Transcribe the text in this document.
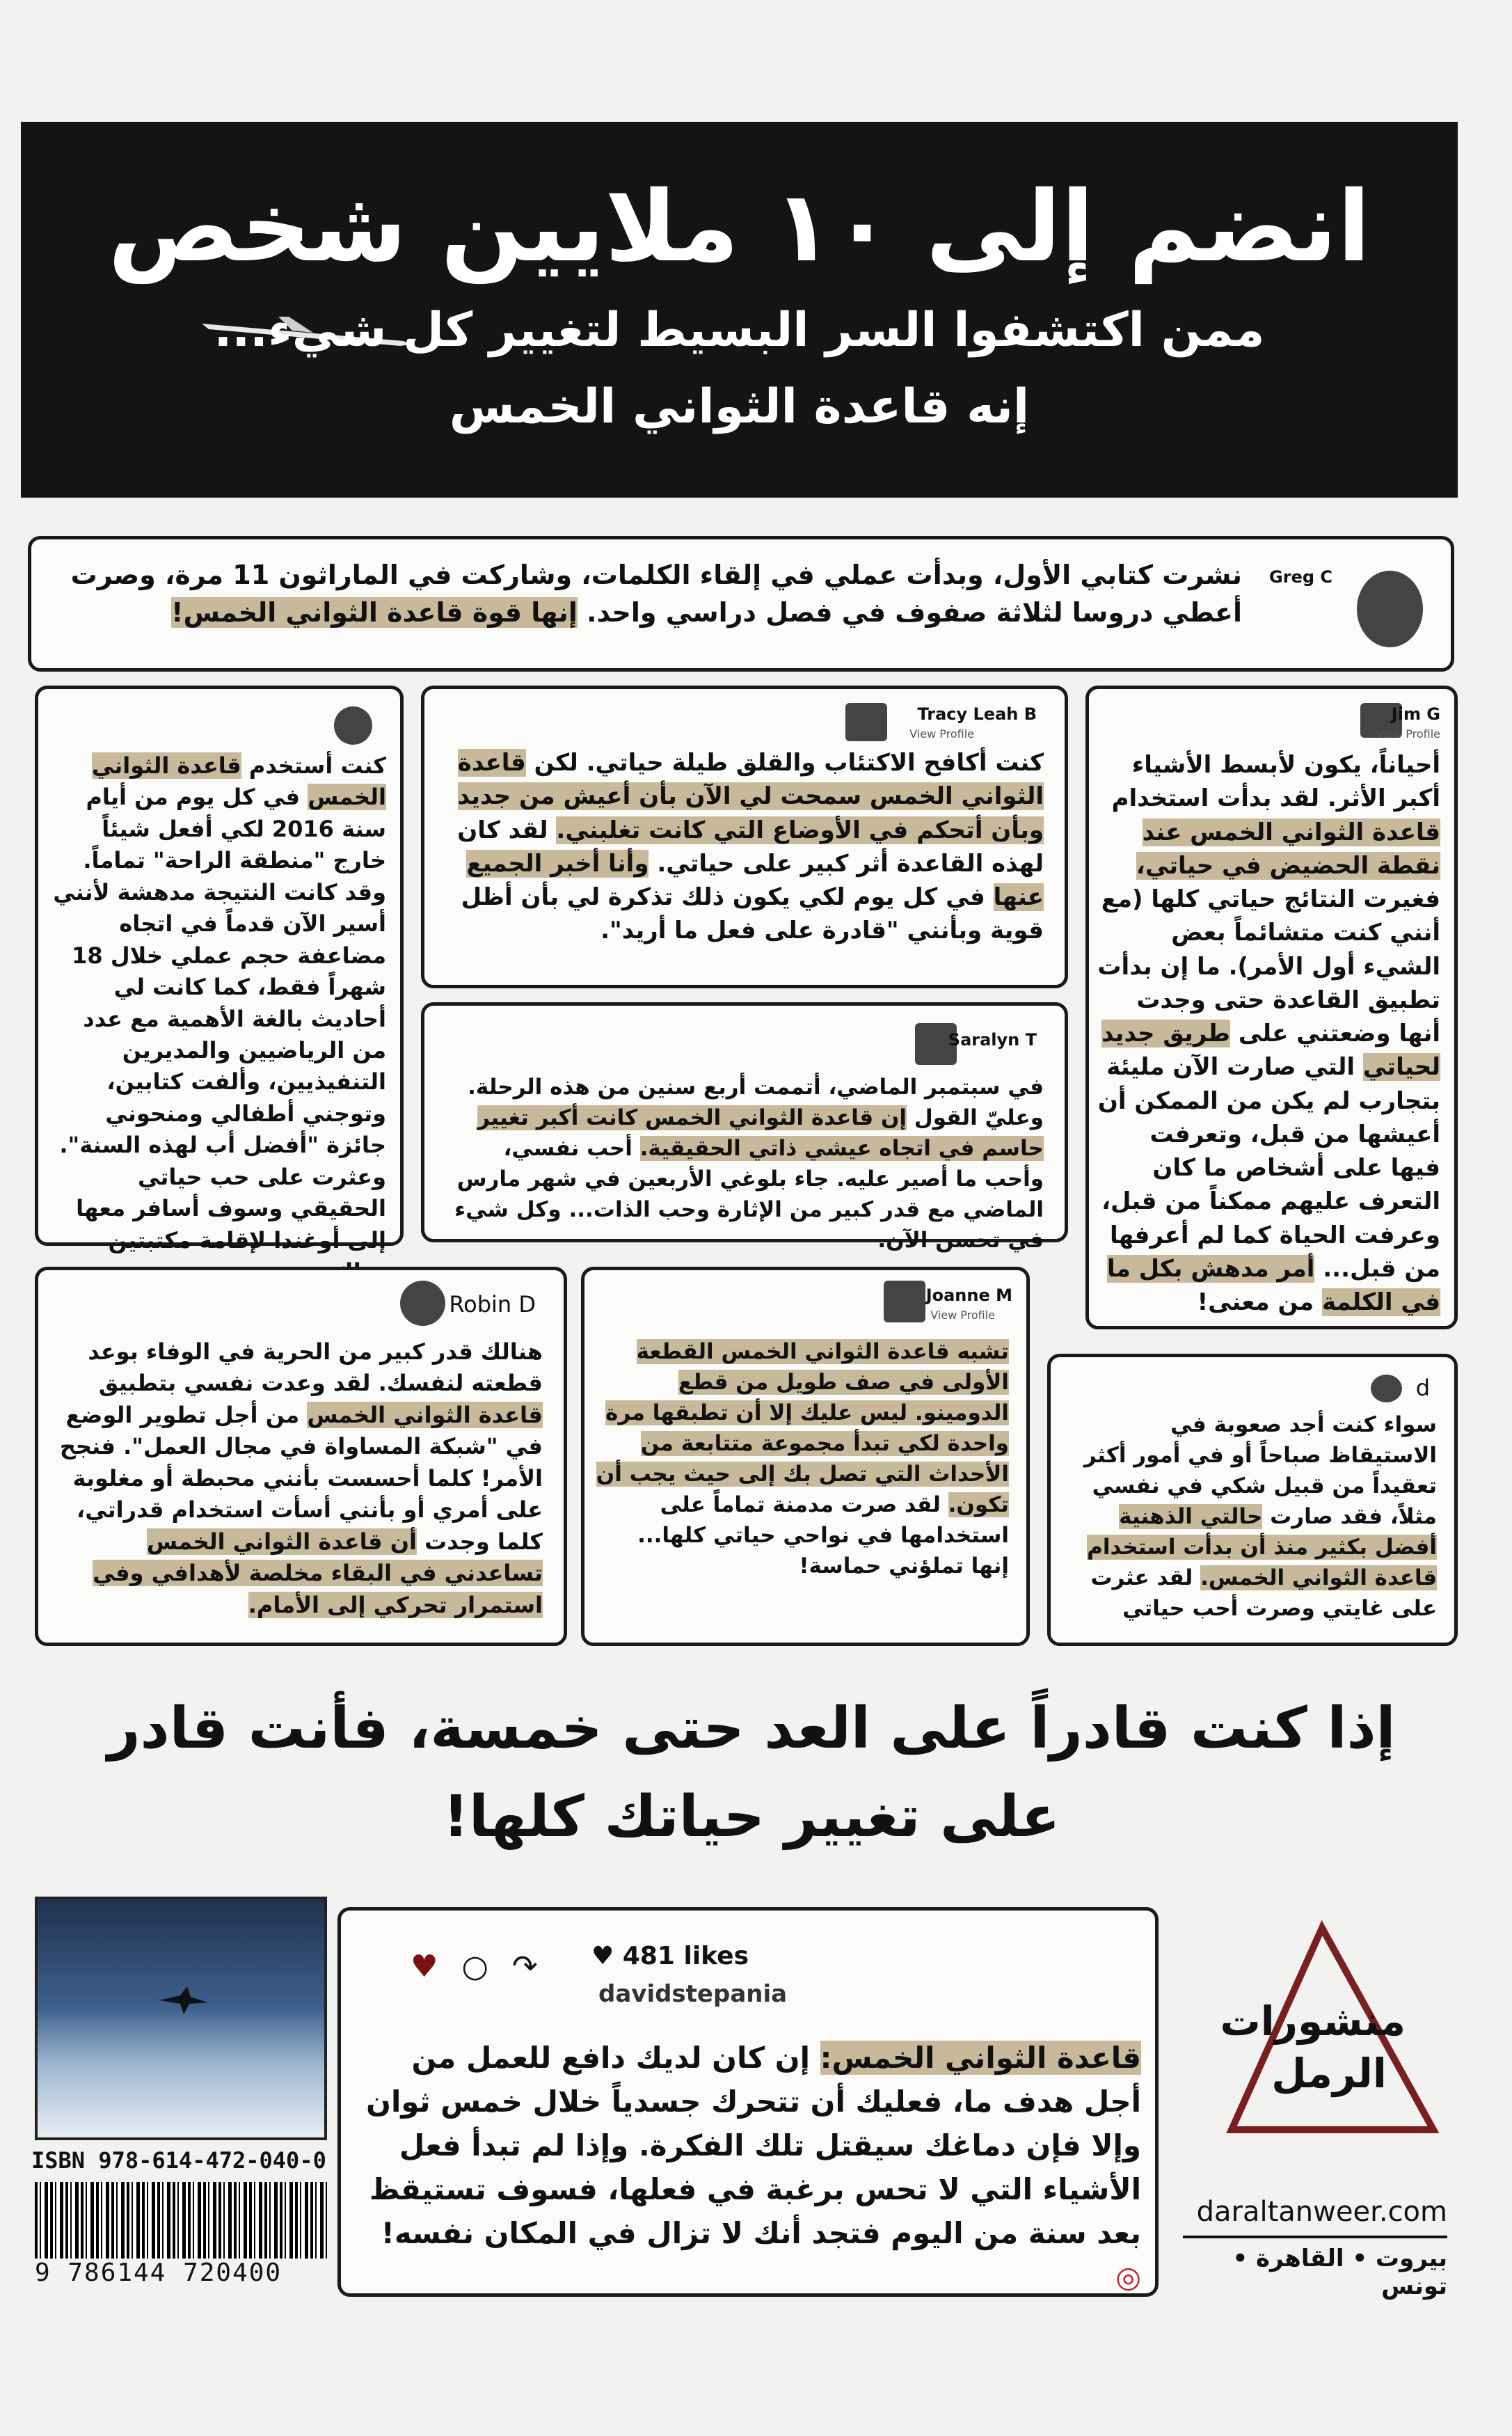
انضم إلى ١٠ ملايين شخص
ممن اكتشفوا السر البسيط لتغيير كل شيء...
إنه قاعدة الثواني الخمس
Greg C
نشرت كتابي الأول، وبدأت عملي في إلقاء الكلمات، وشاركت في الماراثون 11 مرة، وصرت أعطي دروسا لثلاثة صفوف في فصل دراسي واحد. إنها قوة قاعدة الثواني الخمس!
Jim G
View Profile
أحياناً، يكون لأبسط الأشياء أكبر الأثر. لقد بدأت استخدام قاعدة الثواني الخمس عند نقطة الحضيض في حياتي، فغيرت النتائج حياتي كلها (مع أنني كنت متشائماً بعض الشيء أول الأمر). ما إن بدأت تطبيق القاعدة حتى وجدت أنها وضعتني على طريق جديد لحياتي التي صارت الآن مليئة بتجارب لم يكن من الممكن أن أعيشها من قبل، وتعرفت فيها على أشخاص ما كان التعرف عليهم ممكناً من قبل، وعرفت الحياة كما لم أعرفها من قبل... أمر مدهش بكل ما في الكلمة من معنى!
Tracy Leah B
View Profile
كنت أكافح الاكتئاب والقلق طيلة حياتي. لكن قاعدة الثواني الخمس سمحت لي الآن بأن أعيش من جديد وبأن أتحكم في الأوضاع التي كانت تغلبني. لقد كان لهذه القاعدة أثر كبير على حياتي. وأنا أخبر الجميع عنها في كل يوم لكي يكون ذلك تذكرة لي بأن أظل قوية وبأنني "قادرة على فعل ما أريد".
كنت أستخدم قاعدة الثواني الخمس في كل يوم من أيام سنة 2016 لكي أفعل شيئاً خارج "منطقة الراحة" تماماً. وقد كانت النتيجة مدهشة لأنني أسير الآن قدماً في اتجاه مضاعفة حجم عملي خلال 18 شهراً فقط، كما كانت لي أحاديث بالغة الأهمية مع عدد من الرياضيين والمديرين التنفيذيين، وألفت كتابين، وتوجني أطفالي ومنحوني جائزة "أفضل أب لهذه السنة". وعثرت على حب حياتي الحقيقي وسوف أسافر معها إلى أوغندا لإقامة مكتبتين
Saralyn T
في سبتمبر الماضي، أتممت أربع سنين من هذه الرحلة. وعليّ القول إن قاعدة الثواني الخمس كانت أكبر تغيير حاسم في اتجاه عيشي ذاتي الحقيقية. أحب نفسي، وأحب ما أصير عليه. جاء بلوغي الأربعين في شهر مارس الماضي مع قدر كبير من الإثارة وحب الذات... وكل شيء في تحسن الآن.
Robin D
هنالك قدر كبير من الحرية في الوفاء بوعد قطعته لنفسك. لقد وعدت نفسي بتطبيق قاعدة الثواني الخمس من أجل تطوير الوضع في "شبكة المساواة في مجال العمل". فنجح الأمر! كلما أحسست بأنني محبطة أو مغلوبة على أمري أو بأنني أسأت استخدام قدراتي، كلما وجدت أن قاعدة الثواني الخمس تساعدني في البقاء مخلصة لأهدافي وفي استمرار تحركي إلى الأمام.
Joanne M
View Profile
تشبه قاعدة الثواني الخمس القطعة الأولى في صف طويل من قطع الدومينو. ليس عليك إلا أن تطبقها مرة واحدة لكي تبدأ مجموعة متتابعة من الأحداث التي تصل بك إلى حيث يجب أن تكون. لقد صرت مدمنة تماماً على استخدامها في نواحي حياتي كلها... إنها تملؤني حماسة!
d
سواء كنت أجد صعوبة في الاستيقاظ صباحاً أو في أمور أكثر تعقيداً من قبيل شكي في نفسي مثلاً، فقد صارت حالتي الذهنية أفضل بكثير منذ أن بدأت استخدام قاعدة الثواني الخمس. لقد عثرت على غايتي وصرت أحب حياتي
إذا كنت قادراً على العد حتى خمسة، فأنت قادر
على تغيير حياتك كلها!
ISBN 978-614-472-040-0
9 786144 720400
♥ ○ ↷ ♥ 481 likes
davidstepania
قاعدة الثواني الخمس: إن كان لديك دافع للعمل من أجل هدف ما، فعليك أن تتحرك جسدياً خلال خمس ثوان وإلا فإن دماغك سيقتل تلك الفكرة. وإذا لم تبدأ فعل الأشياء التي لا تحس برغبة في فعلها، فسوف تستيقظ بعد سنة من اليوم فتجد أنك لا تزال في المكان نفسه! ◎
منشورات
الرمل
daraltanweer.com
بيروت • القاهرة • تونس
